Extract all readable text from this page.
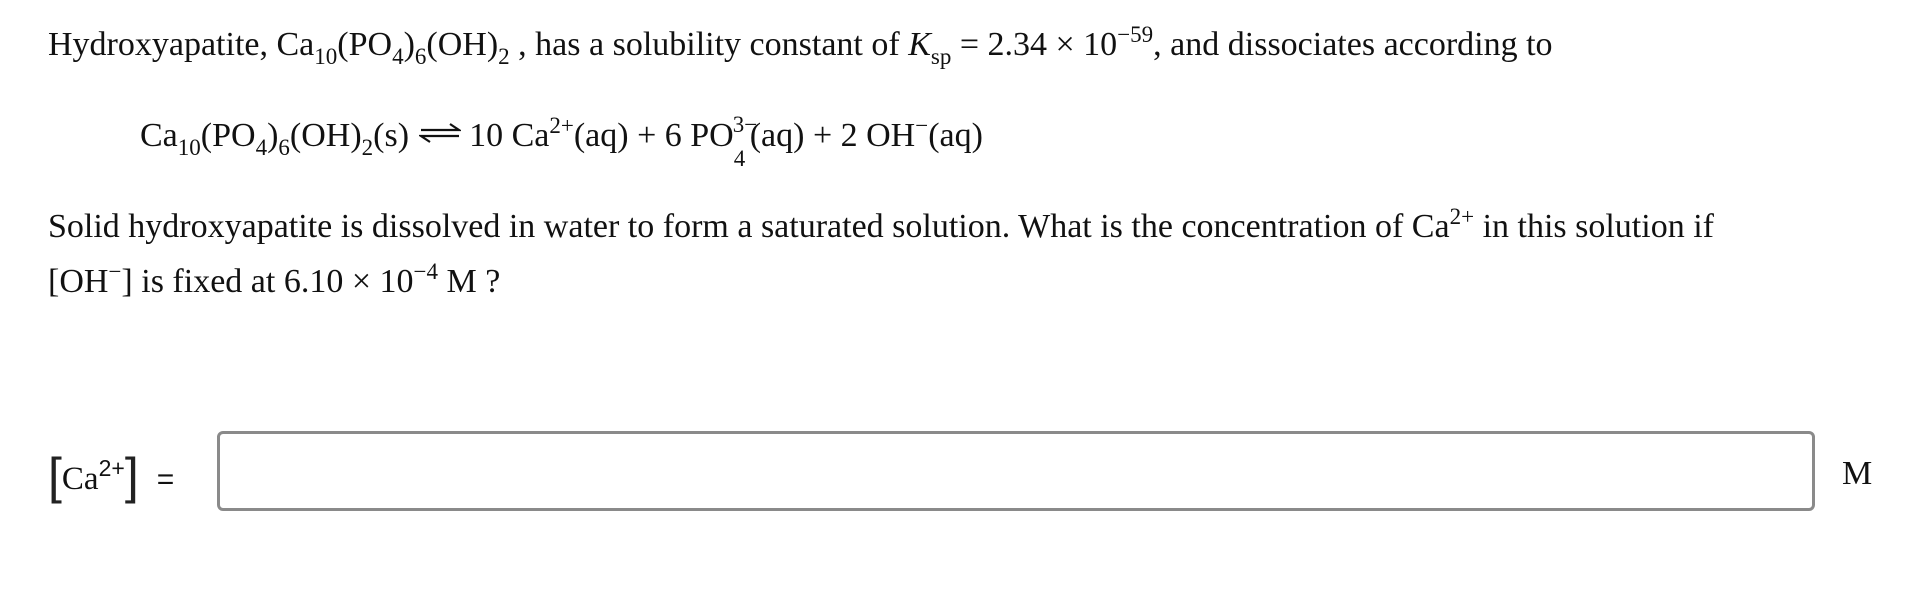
Hydroxyapatite, $Ca_{10}(PO_4)_6(OH)_2$ , has a solubility constant of $K_{sp} = 2.34 \times 10^{-59}$, and dissociates according to
$Ca_{10}(PO_4)_6(OH)_2(s)$ ⇌ 10 $Ca^{2+}(aq) + 6$ PO 3−
4
(aq) + 2 OH−(aq)
Solid hydroxyapatite is dissolved in water to form a saturated solution. What is the concentration of $Ca^{2+}$ in this solution if
[OH−] is fixed at $6.10 \times 10^{-4}$ M ?
$[Ca^{2+}]$ =	M
